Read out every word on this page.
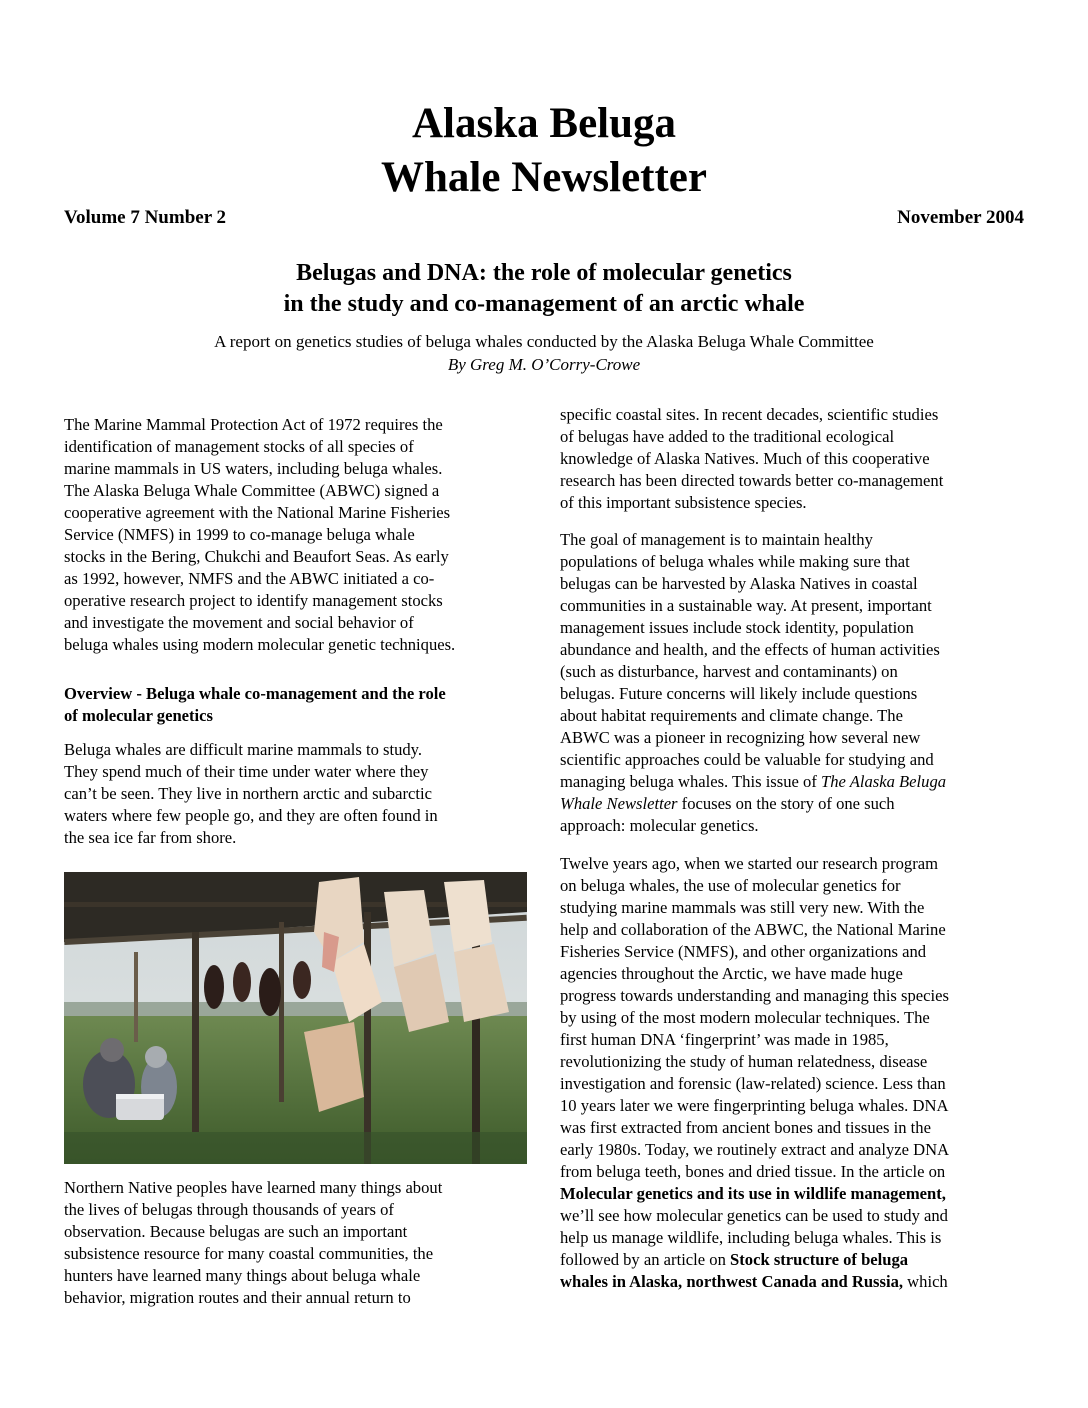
Alaska Beluga
Whale Newsletter
Volume 7 Number 2	November 2004
Belugas and DNA: the role of molecular genetics
in the study and co-management of an arctic whale
A report on genetics studies of beluga whales conducted by the Alaska Beluga Whale Committee
By Greg M. O’Corry-Crowe

The Marine Mammal Protection Act of 1972 requires the

identification of management stocks of all species of

marine mammals in US waters, including beluga whales.

The Alaska Beluga Whale Committee (ABWC) signed a

cooperative agreement with the National Marine Fisheries

Service (NMFS) in 1999 to co-manage beluga whale

stocks in the Bering, Chukchi and Beaufort Seas. As early

as 1992, however, NMFS and the ABWC initiated a co-

operative research project to identify management stocks

and investigate the movement and social behavior of

beluga whales using modern molecular genetic techniques.

Overview - Beluga whale co-management and the role

of molecular genetics

Beluga whales are difficult marine mammals to study.

They spend much of their time under water where they

can’t be seen. They live in northern arctic and subarctic

waters where few people go, and they are often found in

the sea ice far from shore.

Northern Native peoples have learned many things about

the lives of belugas through thousands of years of

observation. Because belugas are such an important

subsistence resource for many coastal communities, the

hunters have learned many things about beluga whale

behavior, migration routes and their annual return to

specific coastal sites. In recent decades, scientific studies

of belugas have added to the traditional ecological

knowledge of Alaska Natives. Much of this cooperative

research has been directed towards better co-management

of this important subsistence species.

The goal of management is to maintain healthy

populations of beluga whales while making sure that

belugas can be harvested by Alaska Natives in coastal

communities in a sustainable way. At present, important

management issues include stock identity, population

abundance and health, and the effects of human activities

(such as disturbance, harvest and contaminants) on

belugas. Future concerns will likely include questions

about habitat requirements and climate change. The

ABWC was a pioneer in recognizing how several new

scientific approaches could be valuable for studying and

managing beluga whales. This issue of The Alaska Beluga

Whale Newsletter focuses on the story of one such

approach: molecular genetics.

Twelve years ago, when we started our research program

on beluga whales, the use of molecular genetics for

studying marine mammals was still very new. With the

help and collaboration of the ABWC, the National Marine

Fisheries Service (NMFS), and other organizations and

agencies throughout the Arctic, we have made huge

progress towards understanding and managing this species

by using of the most modern molecular techniques. The

first human DNA ‘fingerprint’ was made in 1985,

revolutionizing the study of human relatedness, disease

investigation and forensic (law-related) science. Less than

10 years later we were fingerprinting beluga whales. DNA

was first extracted from ancient bones and tissues in the

early 1980s. Today, we routinely extract and analyze DNA

from beluga teeth, bones and dried tissue. In the article on

Molecular genetics and its use in wildlife management,

we’ll see how molecular genetics can be used to study and

help us manage wildlife, including beluga whales. This is

followed by an article on Stock structure of beluga

whales in Alaska, northwest Canada and Russia, which
